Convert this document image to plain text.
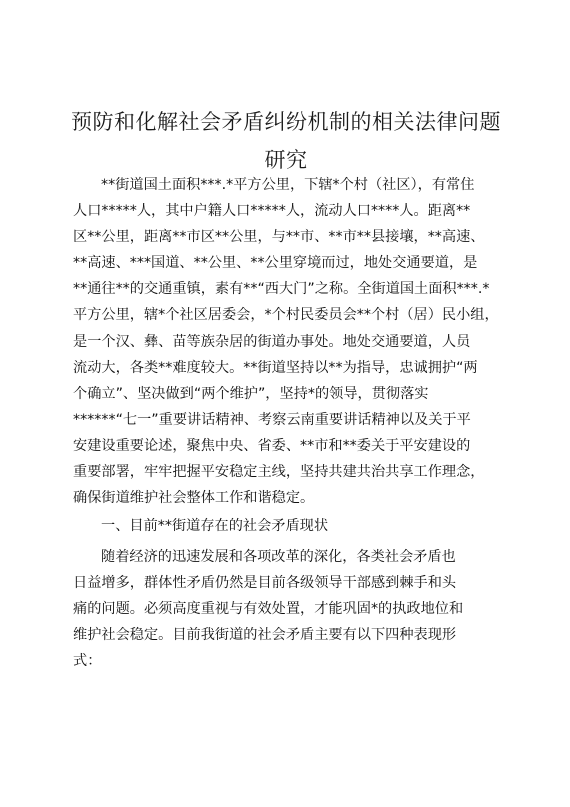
预防和化解社会矛盾纠纷机制的相关法律问题
研究
**街道国土面积***.*平方公里，下辖*个村（社区），有常住
人口*****人，其中户籍人口*****人，流动人口****人。距离**
区**公里，距离**市区**公里，与**市、**市**县接壤，**高速、
**高速、***国道、**公里、**公里穿境而过，地处交通要道，是
**通往**的交通重镇，素有**“西大门”之称。全街道国土面积***.*
平方公里，辖*个社区居委会，*个村民委员会**个村（居）民小组，
是一个汉、彝、苗等族杂居的街道办事处。地处交通要道，人员
流动大，各类**难度较大。**街道坚持以**为指导，忠诚拥护“两
个确立”、坚决做到“两个维护”，坚持*的领导，贯彻落实
******“七一”重要讲话精神、考察云南重要讲话精神以及关于平
安建设重要论述，聚焦中央、省委、**市和**委关于平安建设的
重要部署，牢牢把握平安稳定主线，坚持共建共治共享工作理念，
确保街道维护社会整体工作和谐稳定。
一、目前**街道存在的社会矛盾现状
随着经济的迅速发展和各项改革的深化，各类社会矛盾也
日益增多，群体性矛盾仍然是目前各级领导干部感到棘手和头
痛的问题。必须高度重视与有效处置，才能巩固*的执政地位和
维护社会稳定。目前我街道的社会矛盾主要有以下四种表现形
式：
